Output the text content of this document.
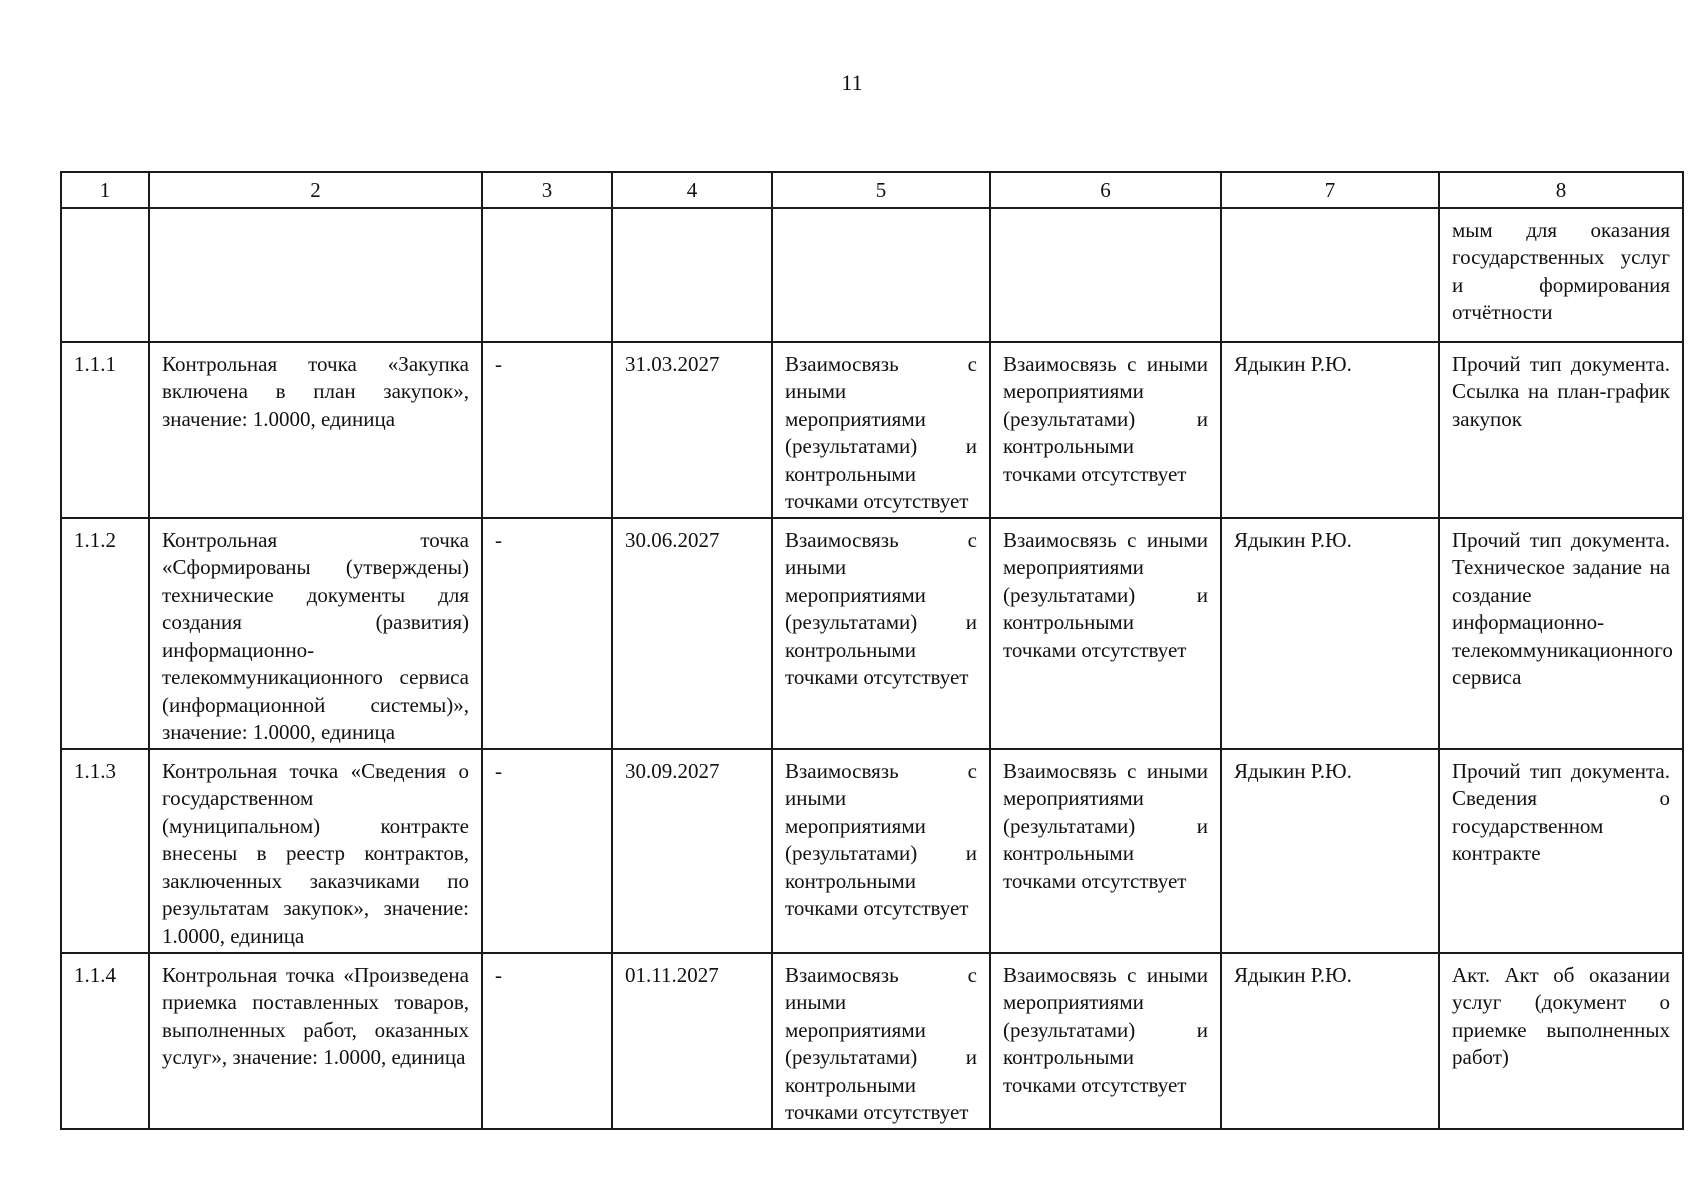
11
1	2	3	4	5	6	7	8
							мым для оказания государственных услуг и формирования отчётности
1.1.1	Контрольная точка «Закупка включена в план закупок», значение: 1.0000, единица	-	31.03.2027	Взаимосвязь с иными мероприятиями (результатами) и контрольными точками отсутствует	Взаимосвязь с иными мероприятиями (результатами) и контрольными точками отсутствует	Ядыкин Р.Ю.	Прочий тип документа. Ссылка на план-график закупок
1.1.2	Контрольная точка «Сформированы (утверждены) технические документы для создания (развития) информационно-телекоммуникационного сервиса (информационной системы)», значение: 1.0000, единица	-	30.06.2027	Взаимосвязь с иными мероприятиями (результатами) и контрольными точками отсутствует	Взаимосвязь с иными мероприятиями (результатами) и контрольными точками отсутствует	Ядыкин Р.Ю.	Прочий тип документа. Техническое задание на создание информационно-телекоммуникационного сервиса
1.1.3	Контрольная точка «Сведения о государственном (муниципальном) контракте внесены в реестр контрактов, заключенных заказчиками по результатам закупок», значение: 1.0000, единица	-	30.09.2027	Взаимосвязь с иными мероприятиями (результатами) и контрольными точками отсутствует	Взаимосвязь с иными мероприятиями (результатами) и контрольными точками отсутствует	Ядыкин Р.Ю.	Прочий тип документа. Сведения о государственном контракте
1.1.4	Контрольная точка «Произведена приемка поставленных товаров, выполненных работ, оказанных услуг», значение: 1.0000, единица	-	01.11.2027	Взаимосвязь с иными мероприятиями (результатами) и контрольными точками отсутствует	Взаимосвязь с иными мероприятиями (результатами) и контрольными точками отсутствует	Ядыкин Р.Ю.	Акт. Акт об оказании услуг (документ о приемке выполненных работ)
